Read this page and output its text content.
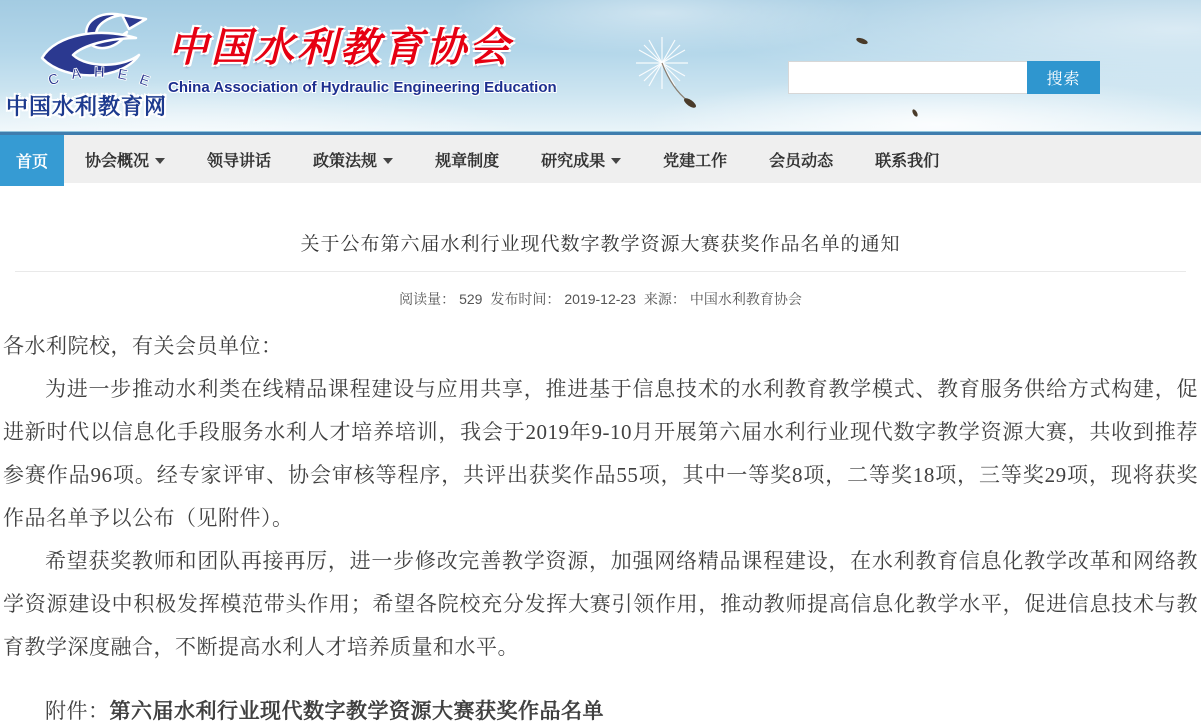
C A H E E
中国水利教育网
中国水利教育协会
China Association of Hydraulic Engineering Education	搜索
首页 协会概况	领导讲话	政策法规	规章制度	研究成果	党建工作	会员动态	联系我们
关于公布第六届水利行业现代数字教学资源大赛获奖作品名单的通知
阅读量： 529 发布时间： 2019-12-23 来源： 中国水利教育协会

各水利院校，有关会员单位：

为进一步推动水利类在线精品课程建设与应用共享，推进基于信息技术的水利教育教学模式、教育服务供给方式构建，促进新时代以信息化手段服务水利人才培养培训，我会于2019年9-10月开展第六届水利行业现代数字教学资源大赛，共收到推荐参赛作品96项。经专家评审、协会审核等程序，共评出获奖作品55项，其中一等奖8项，二等奖18项，三等奖29项，现将获奖作品名单予以公布（见附件）。

希望获奖教师和团队再接再厉，进一步修改完善教学资源，加强网络精品课程建设，在水利教育信息化教学改革和网络教学资源建设中积极发挥模范带头作用；希望各院校充分发挥大赛引领作用，推动教师提高信息化教学水平，促进信息技术与教育教学深度融合，不断提高水利人才培养质量和水平。

附件：第六届水利行业现代数字教学资源大赛获奖作品名单
